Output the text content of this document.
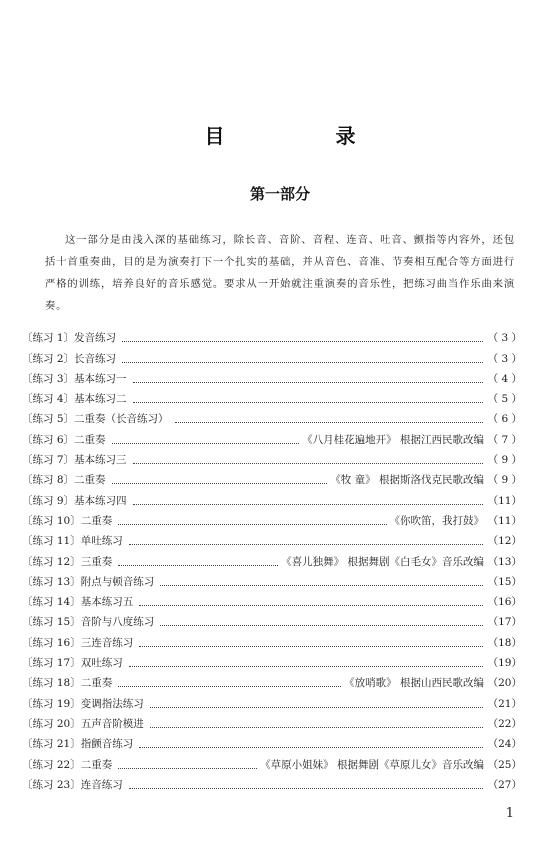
目 录
第一部分

这一部分是由浅入深的基础练习，除长音、音阶、音程、连音、吐音、颤指等内容外，还包括十首重奏曲，目的是为演奏打下一个扎实的基础，并从音色、音准、节奏相互配合等方面进行严格的训练，培养良好的音乐感觉。要求从一开始就注重演奏的音乐性，把练习曲当作乐曲来演奏。

〔练习 1〕 发音练习	（ 3 ）
〔练习 2〕 长音练习	（ 3 ）
〔练习 3〕 基本练习一	（ 4 ）
〔练习 4〕 基本练习二	（ 5 ）
〔练习 5〕 二重奏（长音练习）	（ 6 ）
〔练习 6〕 二重奏	《八月桂花遍地开》 根据江西民歌改编 （ 7 ）
〔练习 7〕 基本练习三	（ 9 ）
〔练习 8〕 二重奏	《牧 童》 根据斯洛伐克民歌改编 （ 9 ）
〔练习 9〕 基本练习四	（11）
〔练习 10〕 二重奏	《你吹笛，我打鼓》 （11）
〔练习 11〕 单吐练习	（12）
〔练习 12〕 三重奏	《喜儿独舞》 根据舞剧《白毛女》音乐改编 （13）
〔练习 13〕 附点与顿音练习	（15）
〔练习 14〕 基本练习五	（16）
〔练习 15〕 音阶与八度练习	（17）
〔练习 16〕 三连音练习	（18）
〔练习 17〕 双吐练习	（19）
〔练习 18〕 二重奏	《放哨歌》 根据山西民歌改编 （20）
〔练习 19〕 变调指法练习	（21）
〔练习 20〕 五声音阶模进	（22）
〔练习 21〕 指颤音练习	（24）
〔练习 22〕 二重奏	《草原小姐妹》 根据舞剧《草原儿女》音乐改编 （25）
〔练习 23〕 连音练习	（27）
1
